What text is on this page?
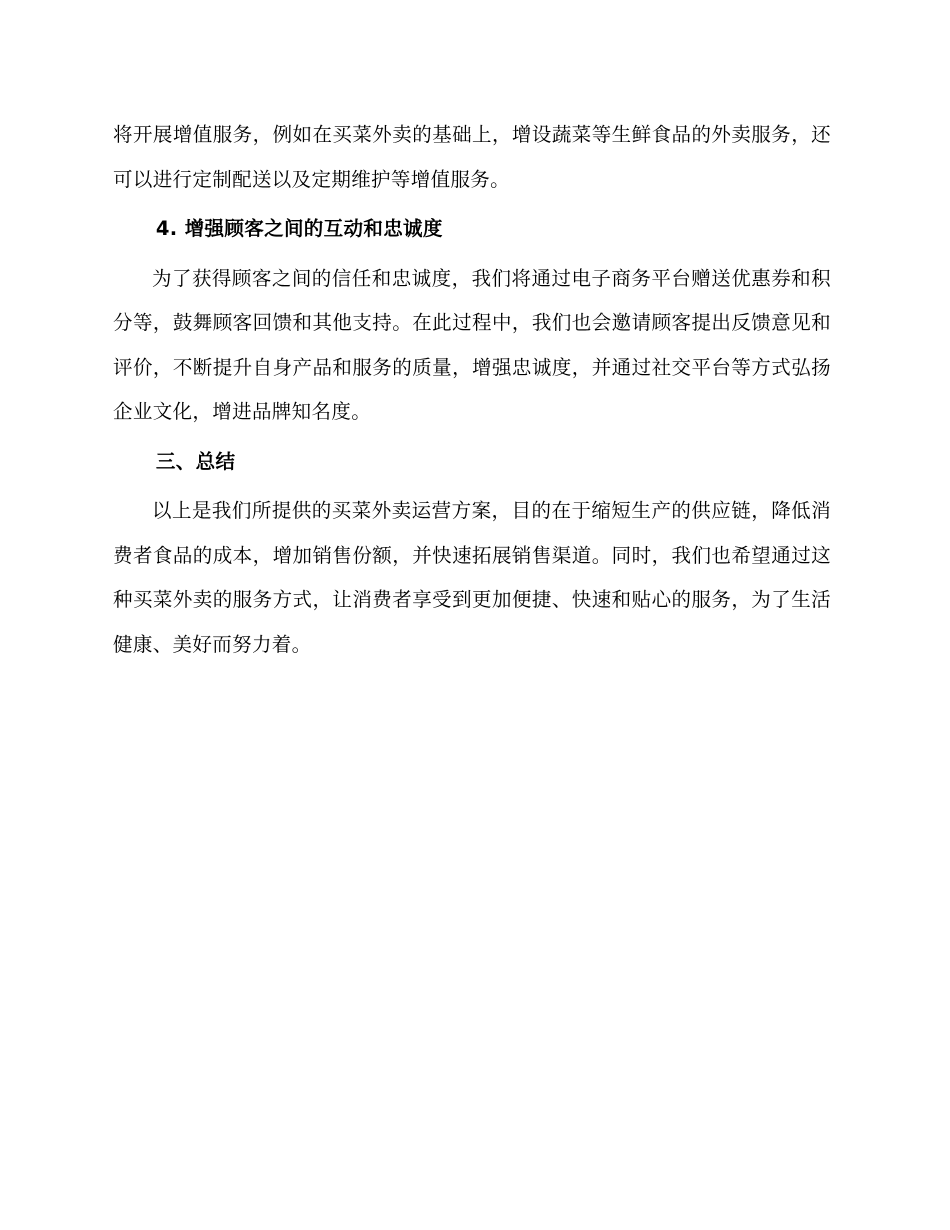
将开展增值服务，例如在买菜外卖的基础上，增设蔬菜等生鲜食品的外卖服务，还可以进行定制配送以及定期维护等增值服务。

4. 增强顾客之间的互动和忠诚度

为了获得顾客之间的信任和忠诚度，我们将通过电子商务平台赠送优惠券和积分等，鼓舞顾客回馈和其他支持。在此过程中，我们也会邀请顾客提出反馈意见和评价，不断提升自身产品和服务的质量，增强忠诚度，并通过社交平台等方式弘扬企业文化，增进品牌知名度。

三、总结

以上是我们所提供的买菜外卖运营方案，目的在于缩短生产的供应链，降低消费者食品的成本，增加销售份额，并快速拓展销售渠道。同时，我们也希望通过这种买菜外卖的服务方式，让消费者享受到更加便捷、快速和贴心的服务，为了生活健康、美好而努力着。
